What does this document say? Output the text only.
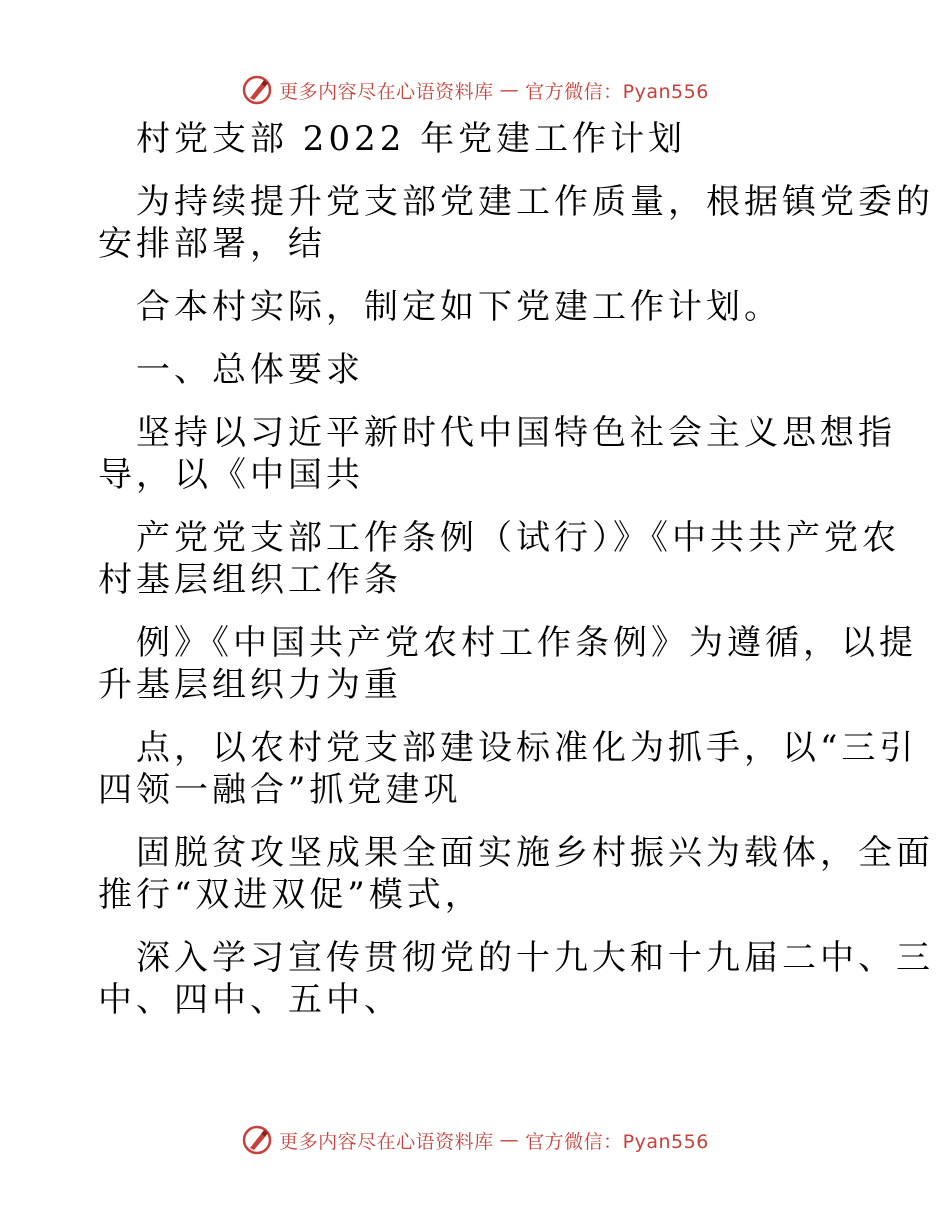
更多内容尽在心语资料库 — 官方微信：Pyan556
村党支部 2022 年党建工作计划
为持续提升党支部党建工作质量，根据镇党委的
安排部署，结
合本村实际，制定如下党建工作计划。
一、总体要求
坚持以习近平新时代中国特色社会主义思想指
导，以《中国共
产党党支部工作条例（试行）》《中共共产党农
村基层组织工作条
例》《中国共产党农村工作条例》为遵循，以提
升基层组织力为重
点，以农村党支部建设标准化为抓手，以“三引
四领一融合”抓党建巩
固脱贫攻坚成果全面实施乡村振兴为载体，全面
推行“双进双促”模式，
深入学习宣传贯彻党的十九大和十九届二中、三
中、四中、五中、
更多内容尽在心语资料库 — 官方微信：Pyan556
